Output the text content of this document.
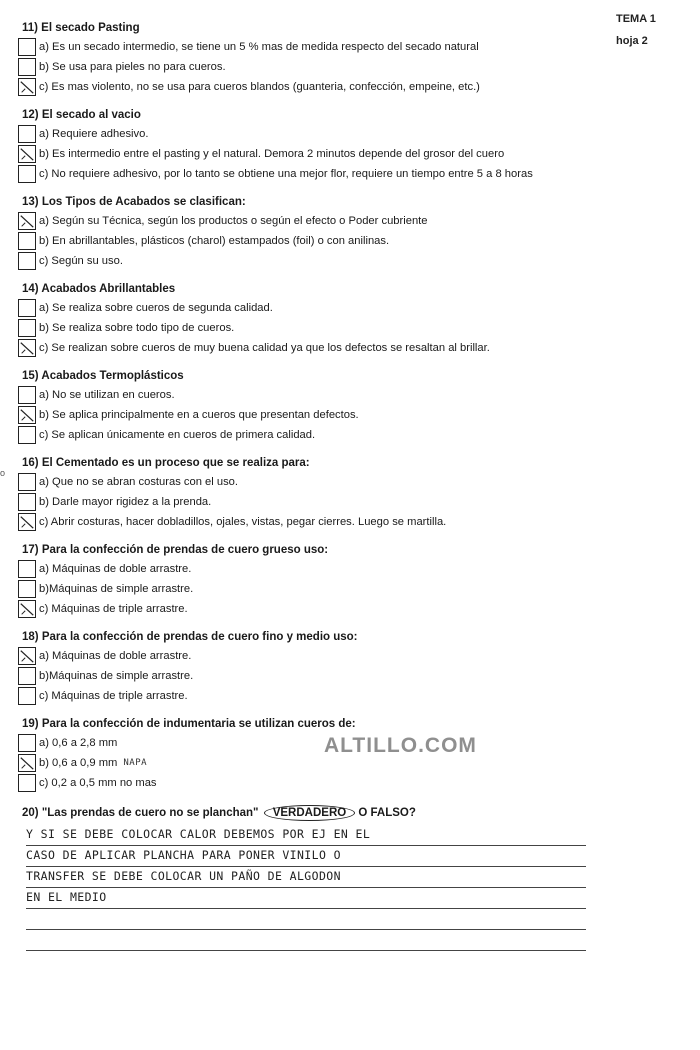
TEMA 1
hoja 2
o
ALTILLO.COM
11) El secado Pasting
a) Es un secado intermedio, se tiene un 5 % mas de medida respecto del secado natural
b) Se usa para pieles no para cueros.
c) Es mas violento, no se usa para cueros blandos (guanteria, confección, empeine, etc.)
12) El secado al vacio
a) Requiere adhesivo.
b) Es intermedio entre el pasting y el natural. Demora 2 minutos depende del grosor del cuero
c) No requiere adhesivo, por lo tanto se obtiene una mejor flor, requiere un tiempo entre 5 a 8 horas
13) Los Tipos de Acabados se clasifican:
a) Según su Técnica, según los productos o según el efecto o Poder cubriente
b) En abrillantables, plásticos (charol) estampados (foil) o con anilinas.
c) Según su uso.
14) Acabados Abrillantables
a) Se realiza sobre cueros de segunda calidad.
b) Se realiza sobre todo tipo de cueros.
c) Se realizan sobre cueros de muy buena calidad ya que los defectos se resaltan al brillar.
15) Acabados Termoplásticos
a) No se utilizan en cueros.
b) Se aplica principalmente en a cueros que presentan defectos.
c) Se aplican únicamente en cueros de primera calidad.
16) El Cementado es un proceso que se realiza para:
a) Que no se abran costuras con el uso.
b) Darle mayor rigidez a la prenda.
c) Abrir costuras, hacer dobladillos, ojales, vistas, pegar cierres. Luego se martilla.
17) Para la confección de prendas de cuero grueso uso:
a) Máquinas de doble arrastre.
b)Máquinas de simple arrastre.
c) Máquinas de triple arrastre.
18) Para la confección de prendas de cuero fino y medio uso:
a) Máquinas de doble arrastre.
b)Máquinas de simple arrastre.
c) Máquinas de triple arrastre.
19) Para la confección de indumentaria se utilizan cueros de:
a) 0,6 a 2,8 mm
b) 0,6 a 0,9 mm NAPA
c) 0,2 a 0,5 mm no mas
20) "Las prendas de cuero no se planchan" VERDADERO O FALSO?
Y SI SE DEBE COLOCAR CALOR DEBEMOS POR EJ EN EL
CASO DE APLICAR PLANCHA PARA PONER VINILO O
TRANSFER SE DEBE COLOCAR UN PAÑO DE ALGODON
EN EL MEDIO
